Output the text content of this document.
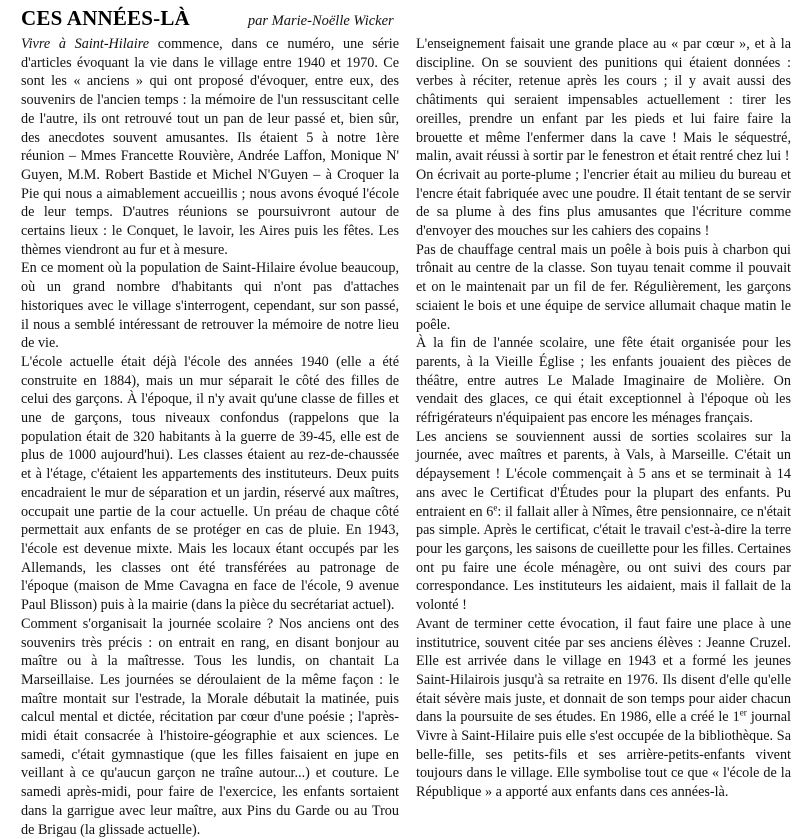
CES ANNÉES-LÀ	par Marie-Noëlle Wicker

Vivre à Saint-Hilaire commence, dans ce numéro, une série d'articles évoquant la vie dans le village entre 1940 et 1970. Ce sont les « anciens » qui ont proposé d'évoquer, entre eux, des souvenirs de l'ancien temps : la mémoire de l'un ressuscitant celle de l'autre, ils ont retrouvé tout un pan de leur passé et, bien sûr, des anecdotes souvent amusantes. Ils étaient 5 à notre 1ère réunion – Mmes Francette Rouvière, Andrée Laffon, Monique N' Guyen, M.M. Robert Bastide et Michel N'Guyen – à Croquer la Pie qui nous a aimablement accueillis ; nous avons évoqué l'école de leur temps. D'autres réunions se poursuivront autour de certains lieux : le Conquet, le lavoir, les Aires puis les fêtes. Les thèmes viendront au fur et à mesure.

En ce moment où la population de Saint-Hilaire évolue beaucoup, où un grand nombre d'habitants qui n'ont pas d'attaches historiques avec le village s'interrogent, cependant, sur son passé, il nous a semblé intéressant de retrouver la mémoire de notre lieu de vie.

L'école actuelle était déjà l'école des années 1940 (elle a été construite en 1884), mais un mur séparait le côté des filles de celui des garçons. À l'époque, il n'y avait qu'une classe de filles et une de garçons, tous niveaux confondus (rappelons que la population était de 320 habitants à la guerre de 39-45, elle est de plus de 1000 aujourd'hui). Les classes étaient au rez-de-chaussée et à l'étage, c'étaient les appartements des instituteurs. Deux puits encadraient le mur de séparation et un jardin, réservé aux maîtres, occupait une partie de la cour actuelle. Un préau de chaque côté permettait aux enfants de se protéger en cas de pluie. En 1943, l'école est devenue mixte. Mais les locaux étant occupés par les Allemands, les classes ont été transférées au patronage de l'époque (maison de Mme Cavagna en face de l'école, 9 avenue Paul Blisson) puis à la mairie (dans la pièce du secrétariat actuel).

Comment s'organisait la journée scolaire ? Nos anciens ont des souvenirs très précis : on entrait en rang, en disant bonjour au maître ou à la maîtresse. Tous les lundis, on chantait La Marseillaise. Les journées se déroulaient de la même façon : le maître montait sur l'estrade, la Morale débutait la matinée, puis calcul mental et dictée, récitation par cœur d'une poésie ; l'après-midi était consacrée à l'histoire-géographie et aux sciences. Le samedi, c'était gymnastique (que les filles faisaient en jupe en veillant à ce qu'aucun garçon ne traîne autour...) et couture. Le samedi après-midi, pour faire de l'exercice, les enfants sortaient dans la garrigue avec leur maître, aux Pins du Garde ou au Trou de Brigau (la glissade actuelle).

L'enseignement faisait une grande place au « par cœur », et à la discipline. On se souvient des punitions qui étaient données : verbes à réciter, retenue après les cours ; il y avait aussi des châtiments qui seraient impensables actuellement : tirer les oreilles, prendre un enfant par les pieds et lui faire faire la brouette et même l'enfermer dans la cave ! Mais le séquestré, malin, avait réussi à sortir par le fenestron et était rentré chez lui !

On écrivait au porte-plume ; l'encrier était au milieu du bureau et l'encre était fabriquée avec une poudre. Il était tentant de se servir de sa plume à des fins plus amusantes que l'écriture comme d'envoyer des mouches sur les cahiers des copains !

Pas de chauffage central mais un poêle à bois puis à charbon qui trônait au centre de la classe. Son tuyau tenait comme il pouvait et on le maintenait par un fil de fer. Régulièrement, les garçons sciaient le bois et une équipe de service allumait chaque matin le poêle.

À la fin de l'année scolaire, une fête était organisée pour les parents, à la Vieille Église ; les enfants jouaient des pièces de théâtre, entre autres Le Malade Imaginaire de Molière. On vendait des glaces, ce qui était exceptionnel à l'époque où les réfrigérateurs n'équipaient pas encore les ménages français.

Les anciens se souviennent aussi de sorties scolaires sur la journée, avec maîtres et parents, à Vals, à Marseille. C'était un dépaysement ! L'école commençait à 5 ans et se terminait à 14 ans avec le Certificat d'Études pour la plupart des enfants. Pu entraient en 6e: il fallait aller à Nîmes, être pensionnaire, ce n'était pas simple. Après le certificat, c'était le travail c'est-à-dire la terre pour les garçons, les saisons de cueillette pour les filles. Certaines ont pu faire une école ménagère, ou ont suivi des cours par correspondance. Les instituteurs les aidaient, mais il fallait de la volonté !

Avant de terminer cette évocation, il faut faire une place à une institutrice, souvent citée par ses anciens élèves : Jeanne Cruzel. Elle est arrivée dans le village en 1943 et a formé les jeunes Saint-Hilairois jusqu'à sa retraite en 1976. Ils disent d'elle qu'elle était sévère mais juste, et donnait de son temps pour aider chacun dans la poursuite de ses études. En 1986, elle a créé le 1er journal Vivre à Saint-Hilaire puis elle s'est occupée de la bibliothèque. Sa belle-fille, ses petits-fils et ses arrière-petits-enfants vivent toujours dans le village. Elle symbolise tout ce que « l'école de la République » a apporté aux enfants dans ces années-là.
